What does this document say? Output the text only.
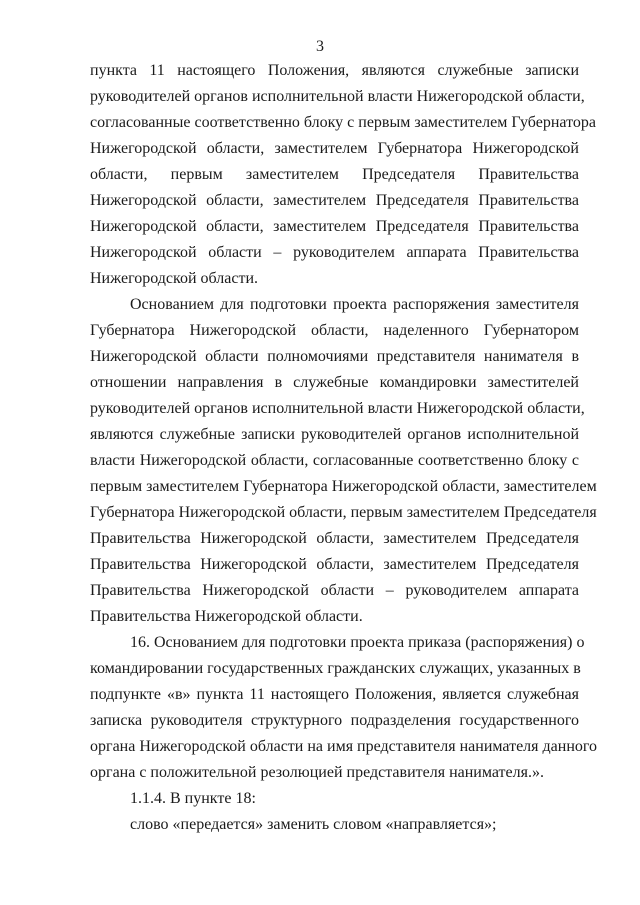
3
пункта 11 настоящего Положения, являются служебные записки
руководителей органов исполнительной власти Нижегородской области,
согласованные соответственно блоку с первым заместителем Губернатора
Нижегородской области, заместителем Губернатора Нижегородской
области, первым заместителем Председателя Правительства
Нижегородской области, заместителем Председателя Правительства
Нижегородской области, заместителем Председателя Правительства
Нижегородской области – руководителем аппарата Правительства
Нижегородской области.
Основанием для подготовки проекта распоряжения заместителя
Губернатора Нижегородской области, наделенного Губернатором
Нижегородской области полномочиями представителя нанимателя в
отношении направления в служебные командировки заместителей
руководителей органов исполнительной власти Нижегородской области,
являются служебные записки руководителей органов исполнительной
власти Нижегородской области, согласованные соответственно блоку с
первым заместителем Губернатора Нижегородской области, заместителем
Губернатора Нижегородской области, первым заместителем Председателя
Правительства Нижегородской области, заместителем Председателя
Правительства Нижегородской области, заместителем Председателя
Правительства Нижегородской области – руководителем аппарата
Правительства Нижегородской области.
16. Основанием для подготовки проекта приказа (распоряжения) о
командировании государственных гражданских служащих, указанных в
подпункте «в» пункта 11 настоящего Положения, является служебная
записка руководителя структурного подразделения государственного
органа Нижегородской области на имя представителя нанимателя данного
органа с положительной резолюцией представителя нанимателя.».
1.1.4. В пункте 18:
слово «передается» заменить словом «направляется»;
